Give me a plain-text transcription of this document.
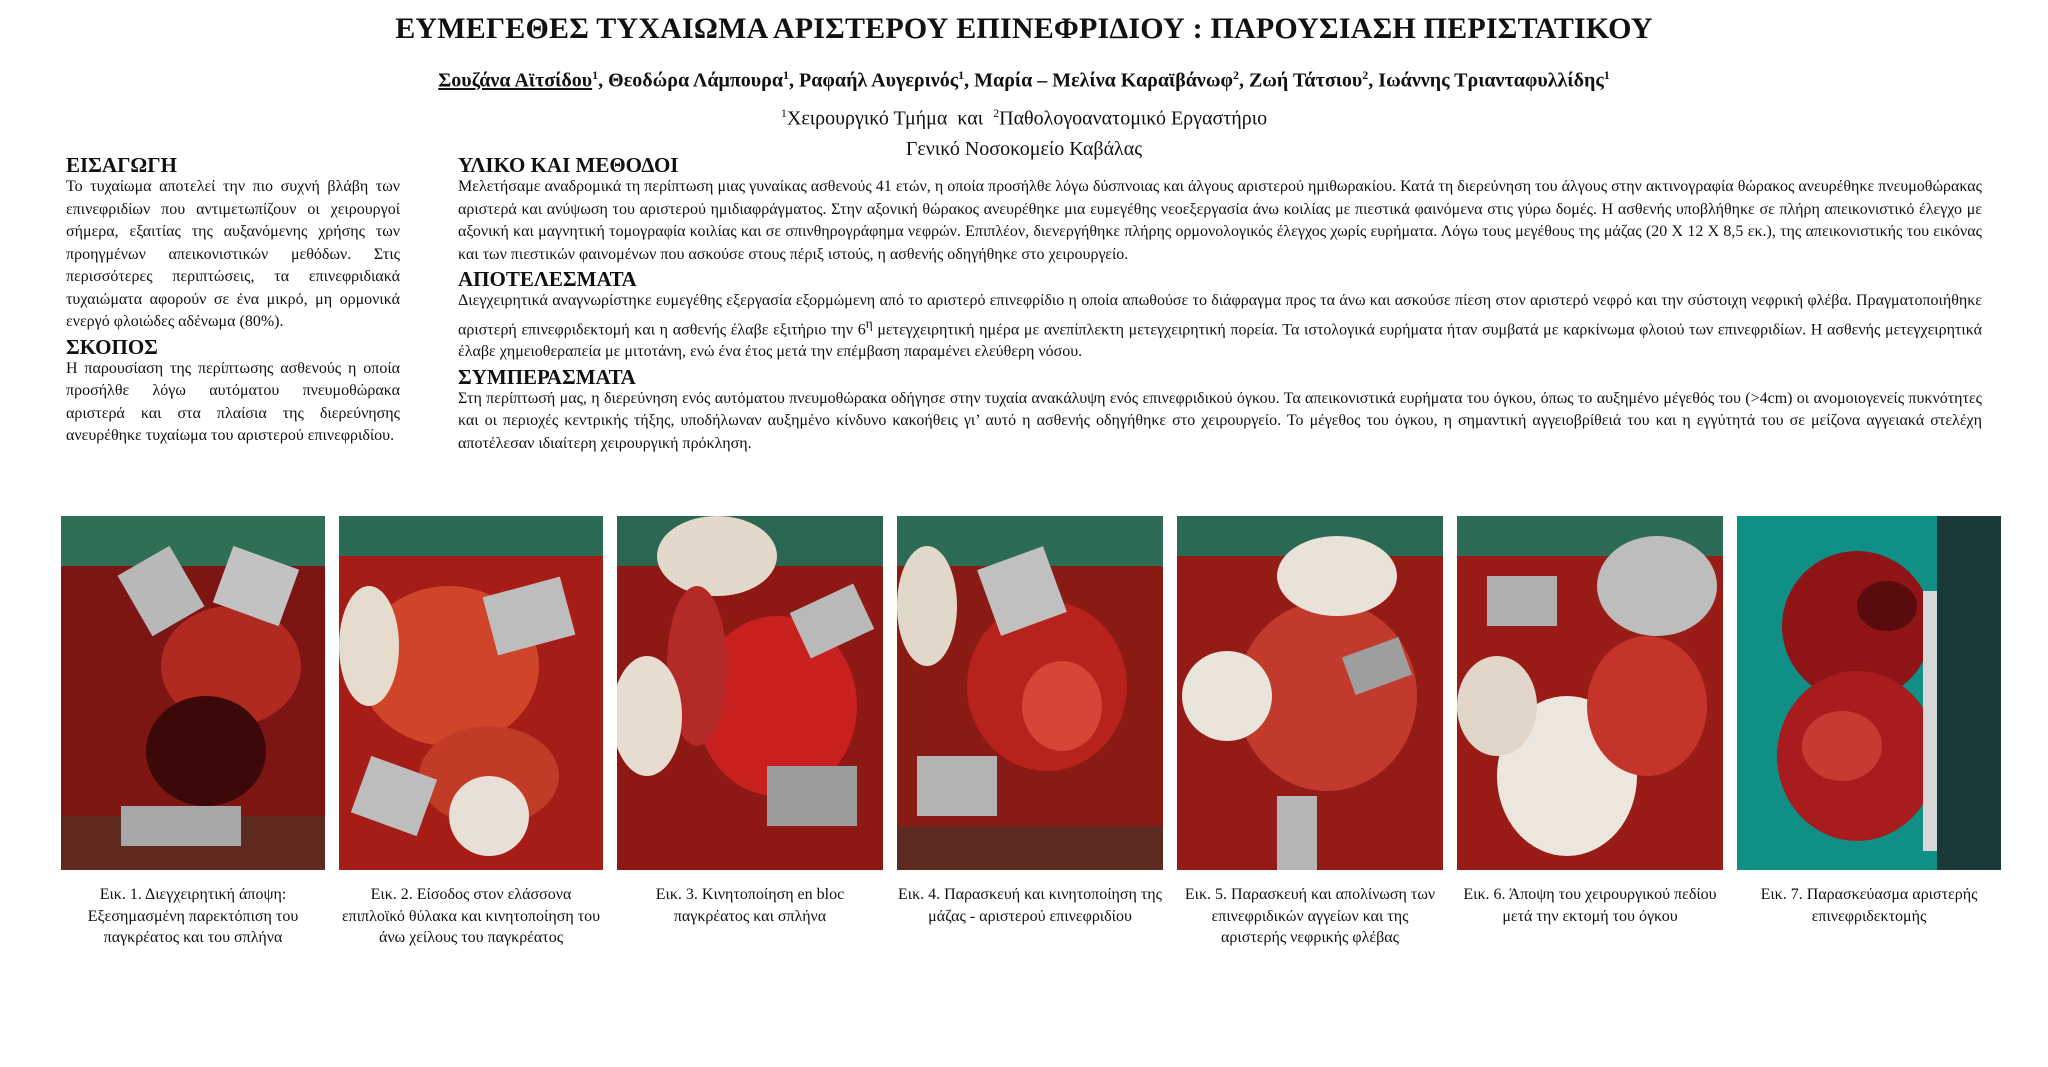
ΕΥΜΕΓΕΘΕΣ ΤΥΧΑΙΩΜΑ ΑΡΙΣΤΕΡΟΥ ΕΠΙΝΕΦΡΙΔΙΟΥ : ΠΑΡΟΥΣΙΑΣΗ ΠΕΡΙΣΤΑΤΙΚΟΥ
Σουζάνα Αϊτσίδου$^1$, Θεοδώρα Λάμπουρα$^1$, Ραφαήλ Αυγερινός$^1$, Μαρία – Μελίνα Καραϊβάνωφ$^2$, Ζωή Τάτσιου$^2$, Ιωάννης Τριανταφυλλίδης$^1$
$^1$Χειρουργικό Τμήμα και $^2$Παθολογοανατομικό Εργαστήριο
Γενικό Νοσοκομείο Καβάλας
ΕΙΣΑΓΩΓΗ

Το τυχαίωμα αποτελεί την πιο συχνή βλάβη των επινεφριδίων που αντιμετωπίζουν οι χειρουργοί σήμερα, εξαιτίας της αυξανόμενης χρήσης των προηγμένων απεικονιστικών μεθόδων. Στις περισσότερες περιπτώσεις, τα επινεφριδιακά τυχαιώματα αφορούν σε ένα μικρό, μη ορμονικά ενεργό φλοιώδες αδένωμα (80%).

ΣΚΟΠΟΣ

Η παρουσίαση της περίπτωσης ασθενούς η οποία προσήλθε λόγω αυτόματου πνευμοθώρακα αριστερά και στα πλαίσια της διερεύνησης ανευρέθηκε τυχαίωμα του αριστερού επινεφριδίου.

ΥΛΙΚΟ ΚΑΙ ΜΕΘΟΔΟΙ

Μελετήσαμε αναδρομικά τη περίπτωση μιας γυναίκας ασθενούς 41 ετών, η οποία προσήλθε λόγω δύσπνοιας και άλγους αριστερού ημιθωρακίου. Κατά τη διερεύνηση του άλγους στην ακτινογραφία θώρακος ανευρέθηκε πνευμοθώρακας αριστερά και ανύψωση του αριστερού ημιδιαφράγματος. Στην αξονική θώρακος ανευρέθηκε μια ευμεγέθης νεοεξεργασία άνω κοιλίας με πιεστικά φαινόμενα στις γύρω δομές. Η ασθενής υποβλήθηκε σε πλήρη απεικονιστικό έλεγχο με αξονική και μαγνητική τομογραφία κοιλίας και σε σπινθηρογράφημα νεφρών. Επιπλέον, διενεργήθηκε πλήρης ορμονολογικός έλεγχος χωρίς ευρήματα. Λόγω τους μεγέθους της μάζας (20 Χ 12 Χ 8,5 εκ.), της απεικονιστικής του εικόνας και των πιεστικών φαινομένων που ασκούσε στους πέριξ ιστούς, η ασθενής οδηγήθηκε στο χειρουργείο.

ΑΠΟΤΕΛΕΣΜΑΤΑ

Διεγχειρητικά αναγνωρίστηκε ευμεγέθης εξεργασία εξορμώμενη από το αριστερό επινεφρίδιο η οποία απωθούσε το διάφραγμα προς τα άνω και ασκούσε πίεση στον αριστερό νεφρό και την σύστοιχη νεφρική φλέβα. Πραγματοποιήθηκε αριστερή επινεφριδεκτομή και η ασθενής έλαβε εξιτήριο την $6^\eta$ μετεγχειρητική ημέρα με ανεπίπλεκτη μετεγχειρητική πορεία. Τα ιστολογικά ευρήματα ήταν συμβατά με καρκίνωμα φλοιού των επινεφριδίων. Η ασθενής μετεγχειρητικά έλαβε χημειοθεραπεία με μιτοτάνη, ενώ ένα έτος μετά την επέμβαση παραμένει ελεύθερη νόσου.

ΣΥΜΠΕΡΑΣΜΑΤΑ

Στη περίπτωσή μας, η διερεύνηση ενός αυτόματου πνευμοθώρακα οδήγησε στην τυχαία ανακάλυψη ενός επινεφριδικού όγκου. Τα απεικονιστικά ευρήματα του όγκου, όπως το αυξημένο μέγεθός του (>4cm) οι ανομοιογενείς πυκνότητες και οι περιοχές κεντρικής τήξης, υποδήλωναν αυξημένο κίνδυνο κακοήθεις γι’ αυτό η ασθενής οδηγήθηκε στο χειρουργείο. Το μέγεθος του όγκου, η σημαντική αγγειοβρίθειά του και η εγγύτητά του σε μείζονα αγγειακά στελέχη αποτέλεσαν ιδιαίτερη χειρουργική πρόκληση.

Εικ. 1. Διεγχειρητική άποψη: Εξεσημασμένη παρεκτόπιση του παγκρέατος και του σπλήνα
Εικ. 2. Είσοδος στον ελάσσονα επιπλοϊκό θύλακα και κινητοποίηση του άνω χείλους του παγκρέατος
Εικ. 3. Κινητοποίηση en bloc παγκρέατος και σπλήνα
Εικ. 4. Παρασκευή και κινητοποίηση της μάζας - αριστερού επινεφριδίου
Εικ. 5. Παρασκευή και απολίνωση των επινεφριδικών αγγείων και της αριστερής νεφρικής φλέβας
Εικ. 6. Άποψη του χειρουργικού πεδίου μετά την εκτομή του όγκου
Εικ. 7. Παρασκεύασμα αριστερής επινεφριδεκτομής
